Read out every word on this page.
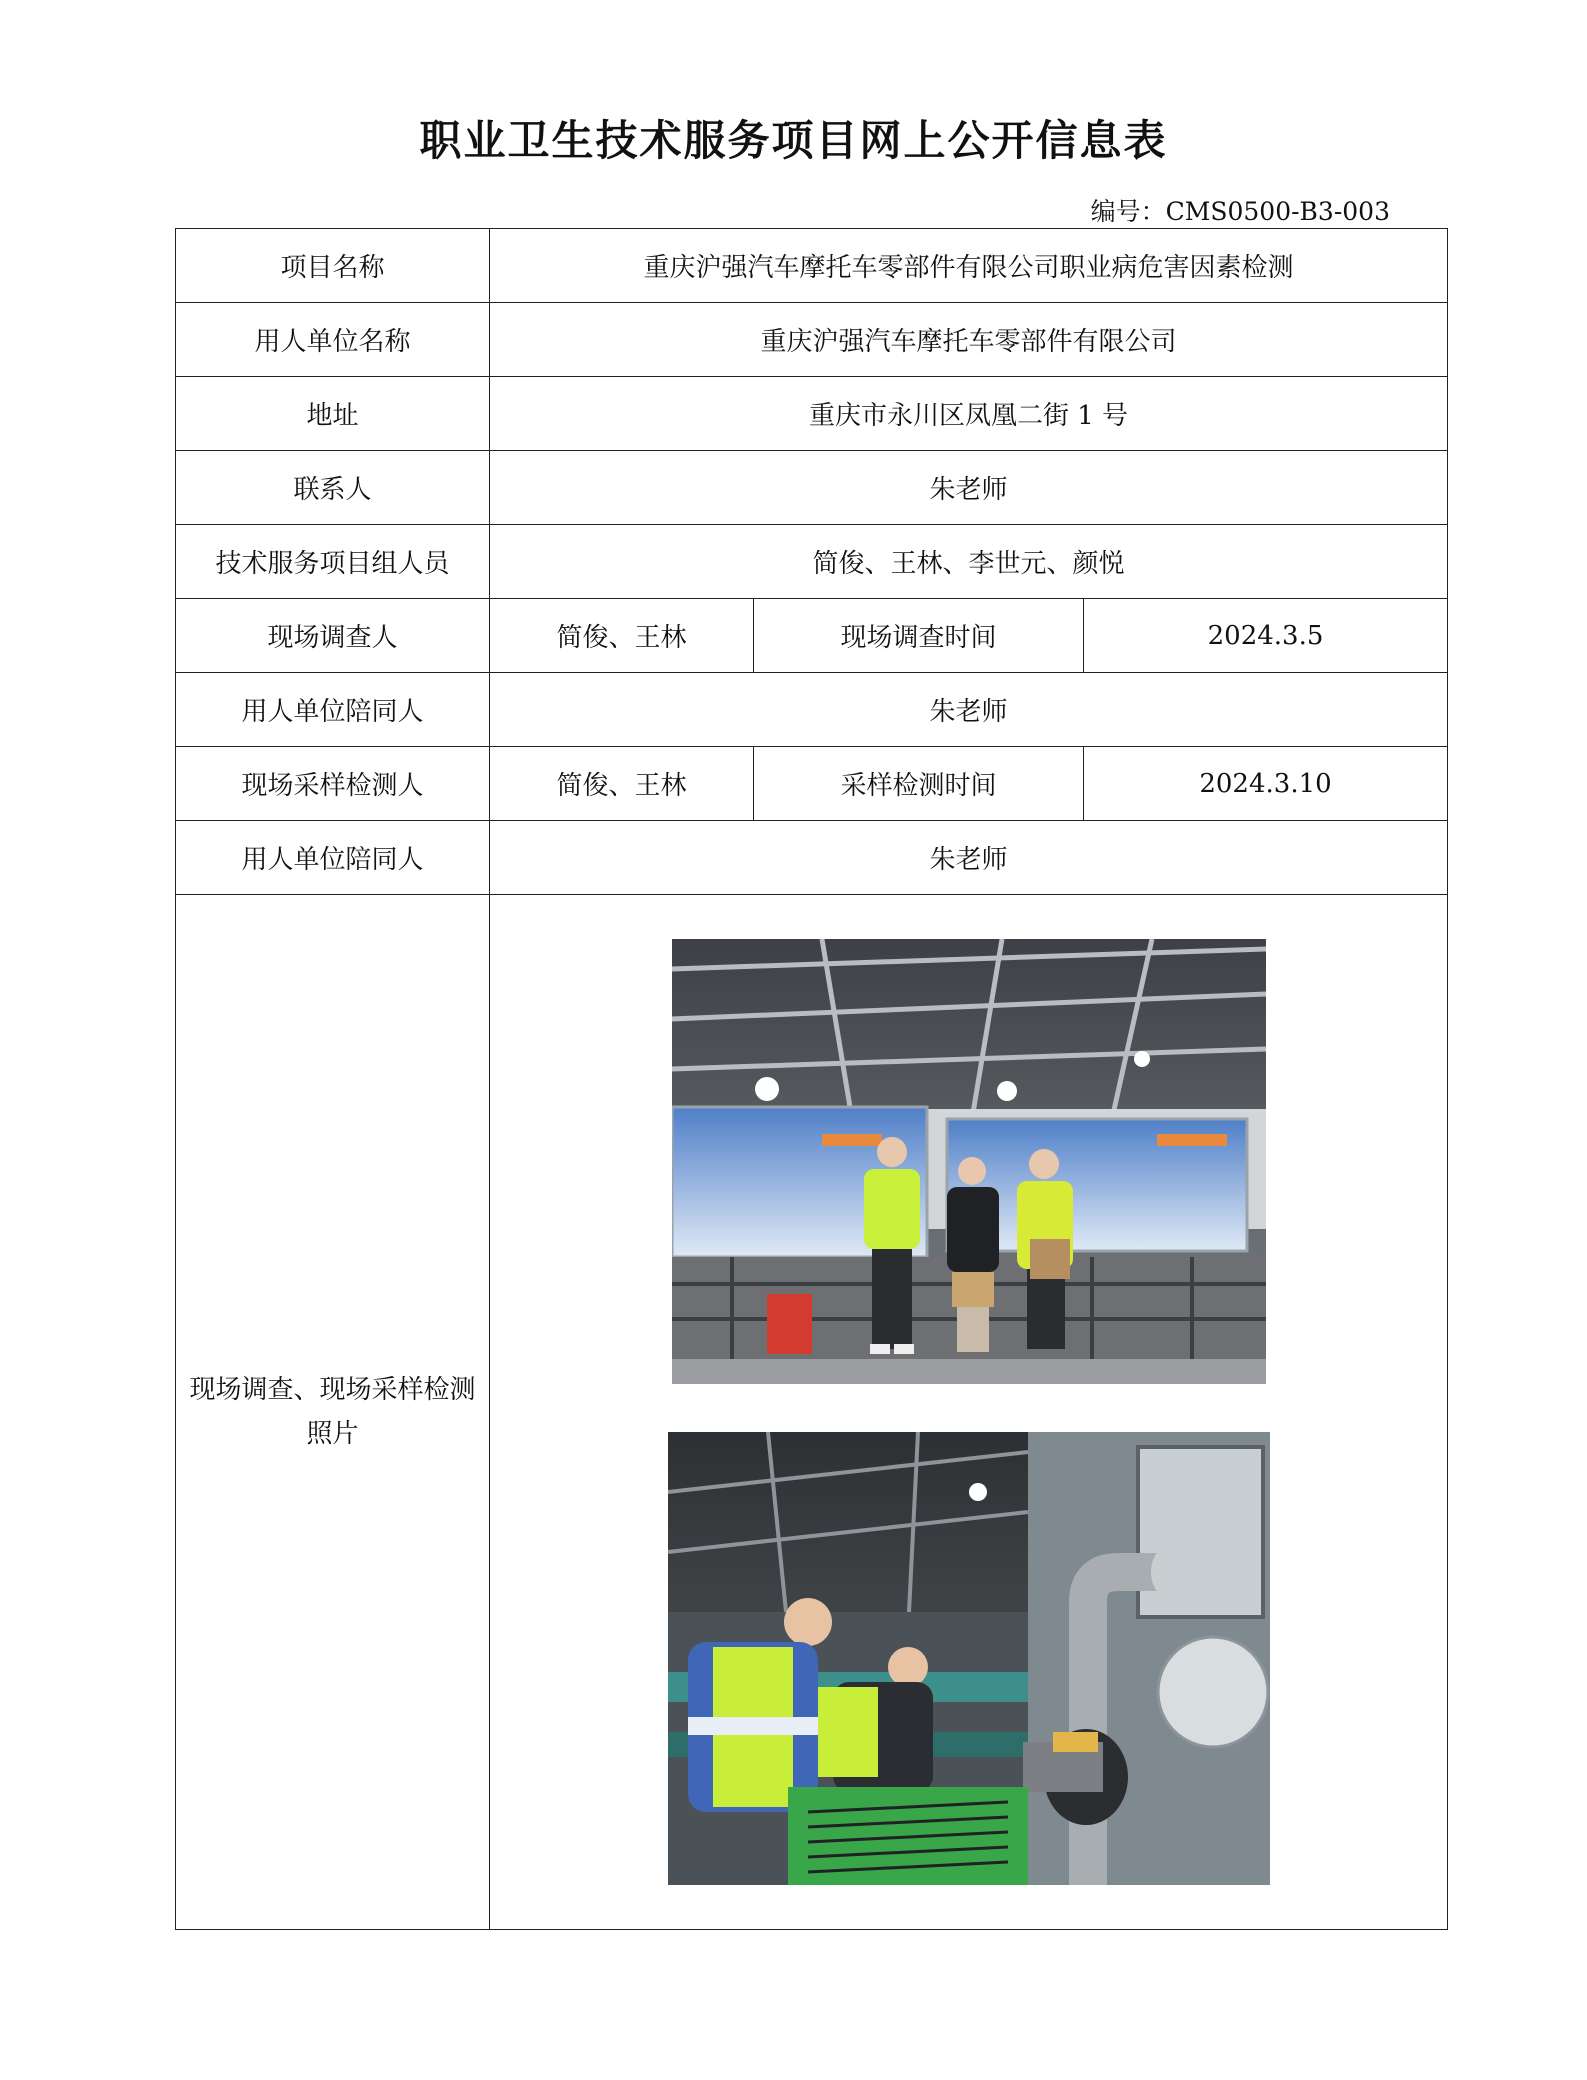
职业卫生技术服务项目网上公开信息表
编号：CMS0500-B3-003
项目名称	重庆沪强汽车摩托车零部件有限公司职业病危害因素检测		
用人单位名称	重庆沪强汽车摩托车零部件有限公司		
地址	重庆市永川区凤凰二街 1 号		
联系人	朱老师		
技术服务项目组人员	简俊、王林、李世元、颜悦		
现场调查人	简俊、王林	现场调查时间	2024.3.5
用人单位陪同人	朱老师		
现场采样检测人	简俊、王林	采样检测时间	2024.3.10
用人单位陪同人	朱老师		
现场调查、现场采样检测照片	
